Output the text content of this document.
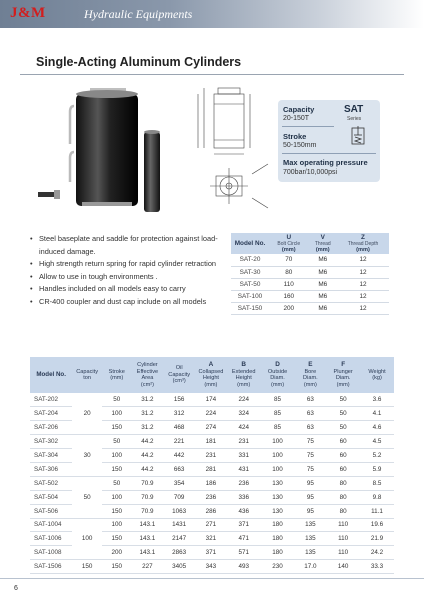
J&M	Hydraulic Equipments
Single-Acting Aluminum Cylinders
Capacity
20-150T
Stroke
50-150mm
Max operating pressure
700bar/10,000psi
SAT
Series
• Steel baseplate and saddle for protection against load-induced damage.
• High strength return spring for rapid cylinder retraction
• Allow to use in tough environments .
• Handles included on all models easy to carry
• CR-400 coupler and dust cap include on all models
Model No.	U
Bolt Circle
(mm)	V
Thread
(mm)	Z
Thread Depth
(mm)

SAT-20	70	M6	12
SAT-30	80	M6	12
SAT-50	110	M6	12
SAT-100	160	M6	12
SAT-150	200	M6	12
Model No.	Capacity
ton	Stroke
(mm)	Cylinder
Effective
Area
(cm²)	Oil
Capacity
(cm³)	A
Collapsed
Height
(mm)	B
Extended
Height
(mm)	D
Outside
Diam.
(mm)	E
Bore
Diam.
(mm)	F
Plunger
Diam.
(mm)	Weight
(kg)

SAT-202	20	50	31.2	156	174	224	85	63	50	3.6
SAT-204		100	31.2	312	224	324	85	63	50	4.1
SAT-206		150	31.2	468	274	424	85	63	50	4.6
SAT-302	30	50	44.2	221	181	231	100	75	60	4.5
SAT-304		100	44.2	442	231	331	100	75	60	5.2
SAT-306		150	44.2	663	281	431	100	75	60	5.9
SAT-502	50	50	70.9	354	186	236	130	95	80	8.5
SAT-504		100	70.9	709	236	336	130	95	80	9.8
SAT-506		150	70.9	1063	286	436	130	95	80	11.1
SAT-1004	100	100	143.1	1431	271	371	180	135	110	19.6
SAT-1006		150	143.1	2147	321	471	180	135	110	21.9
SAT-1008		200	143.1	2863	371	571	180	135	110	24.2
SAT-1506	150	150	227	3405	343	493	230	17.0	140	33.3
6
